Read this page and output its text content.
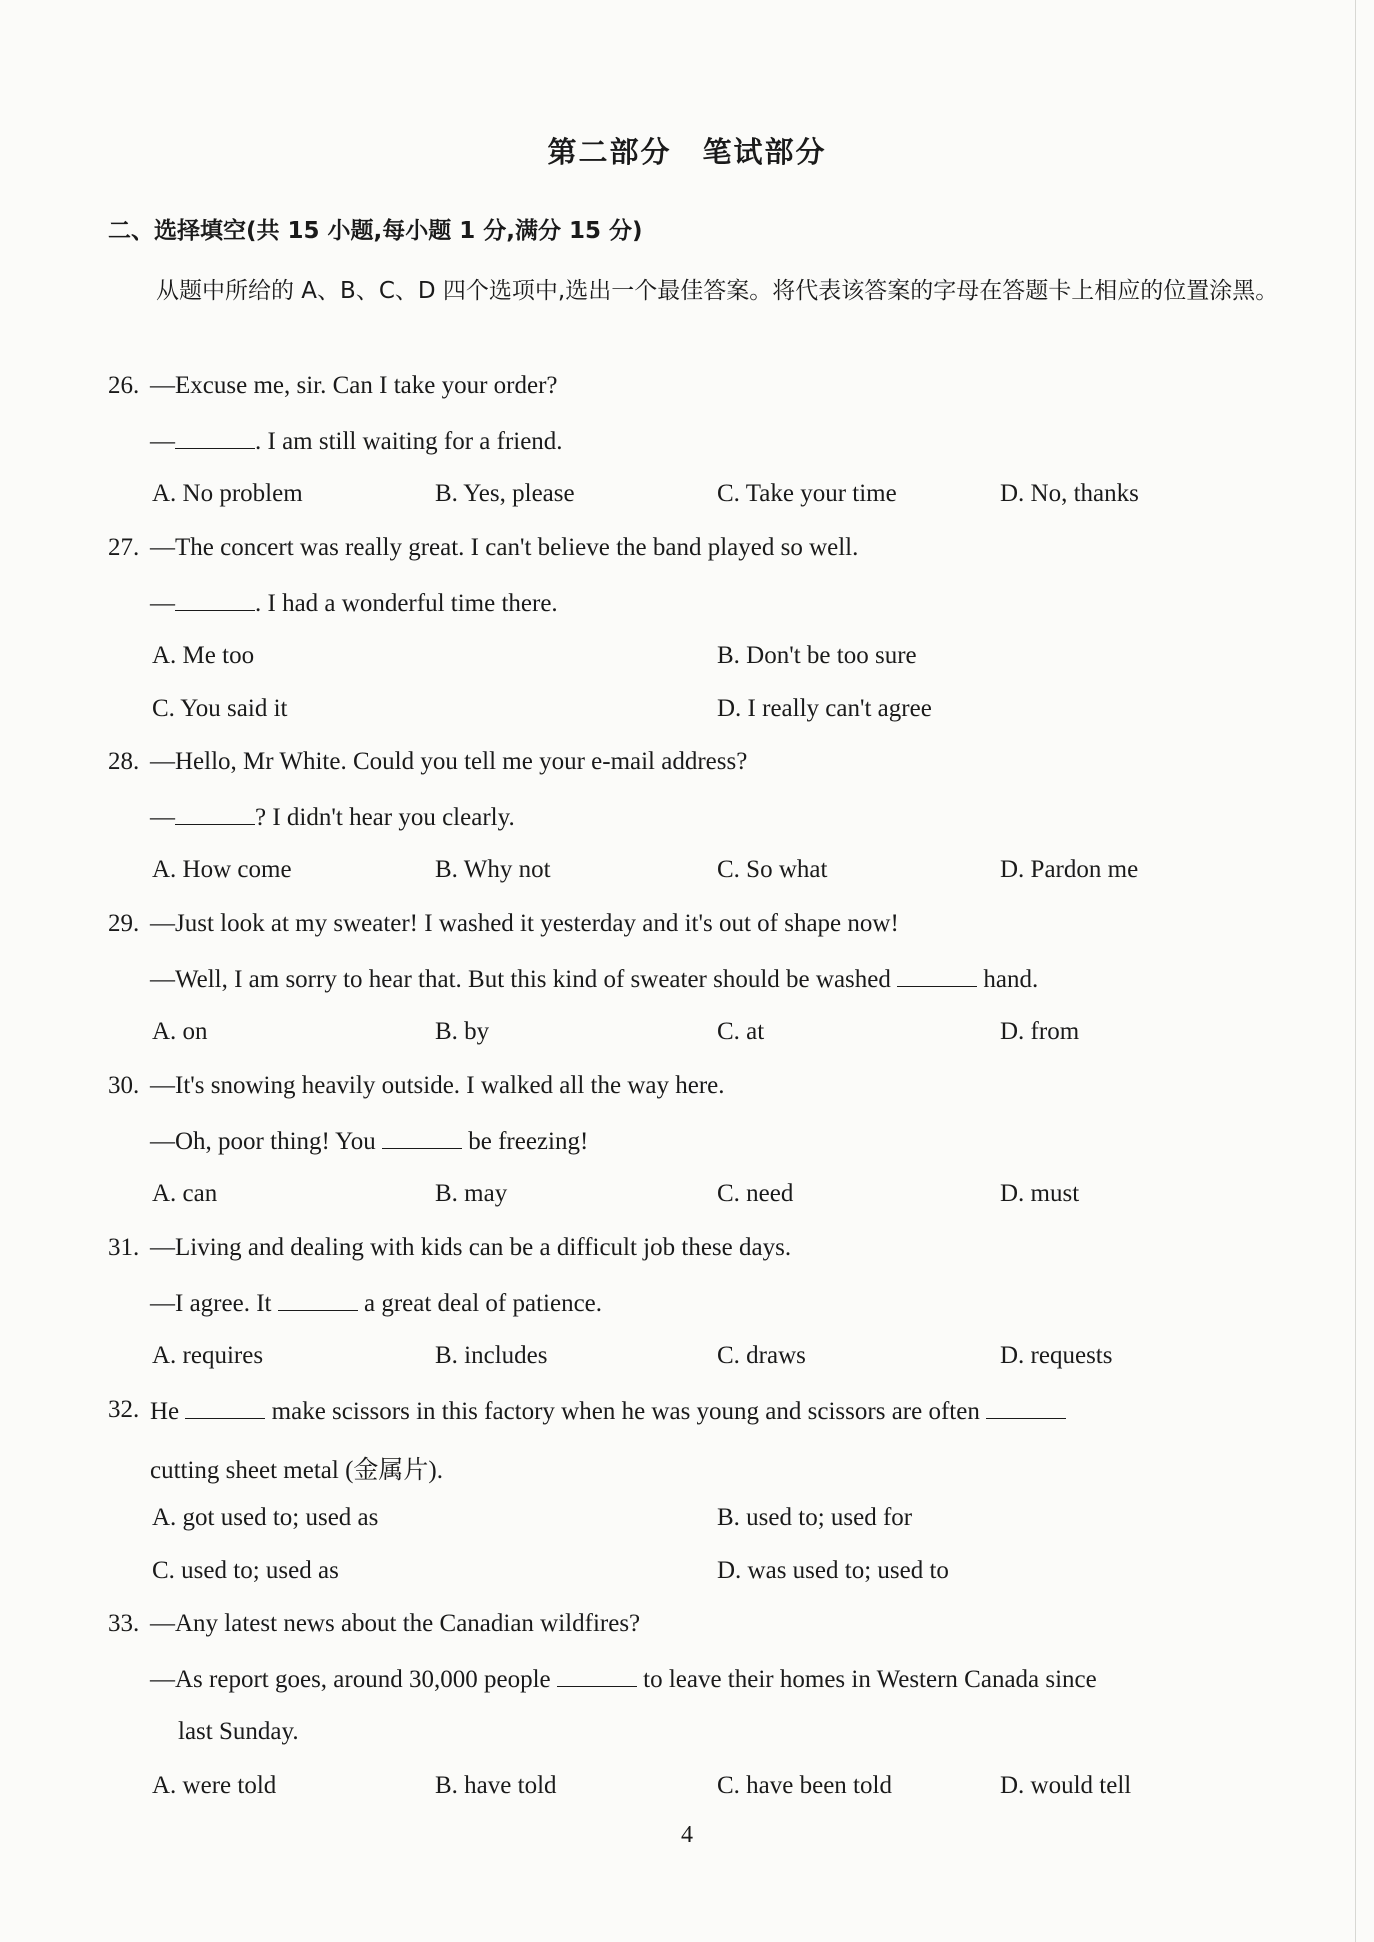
第二部分　笔试部分
二、选择填空(共 15 小题,每小题 1 分,满分 15 分)
从题中所给的 A、B、C、D 四个选项中,选出一个最佳答案。将代表该答案的字母在答题卡上相应的位置涂黑。
26. —Excuse me, sir. Can I take your order?
—	. I am still waiting for a friend.
A. No problem	B. Yes, please	C. Take your time	D. No, thanks
27. —The concert was really great. I can't believe the band played so well.
—	. I had a wonderful time there.
A. Me too	B. Don't be too sure
C. You said it	D. I really can't agree
28. —Hello, Mr White. Could you tell me your e-mail address?
—	? I didn't hear you clearly.
A. How come	B. Why not	C. So what	D. Pardon me
29. —Just look at my sweater! I washed it yesterday and it's out of shape now!
—Well, I am sorry to hear that. But this kind of sweater should be washed	hand.
A. on	B. by	C. at	D. from
30. —It's snowing heavily outside. I walked all the way here.
—Oh, poor thing! You	be freezing!
A. can	B. may	C. need	D. must
31. —Living and dealing with kids can be a difficult job these days.
—I agree. It	a great deal of patience.
A. requires	B. includes	C. draws	D. requests
32. He	make scissors in this factory when he was young and scissors are often
cutting sheet metal (金属片).
A. got used to; used as	B. used to; used for
C. used to; used as	D. was used to; used to
33. —Any latest news about the Canadian wildfires?
—As report goes, around 30,000 people	to leave their homes in Western Canada since
last Sunday.
A. were told	B. have told	C. have been told	D. would tell
4
